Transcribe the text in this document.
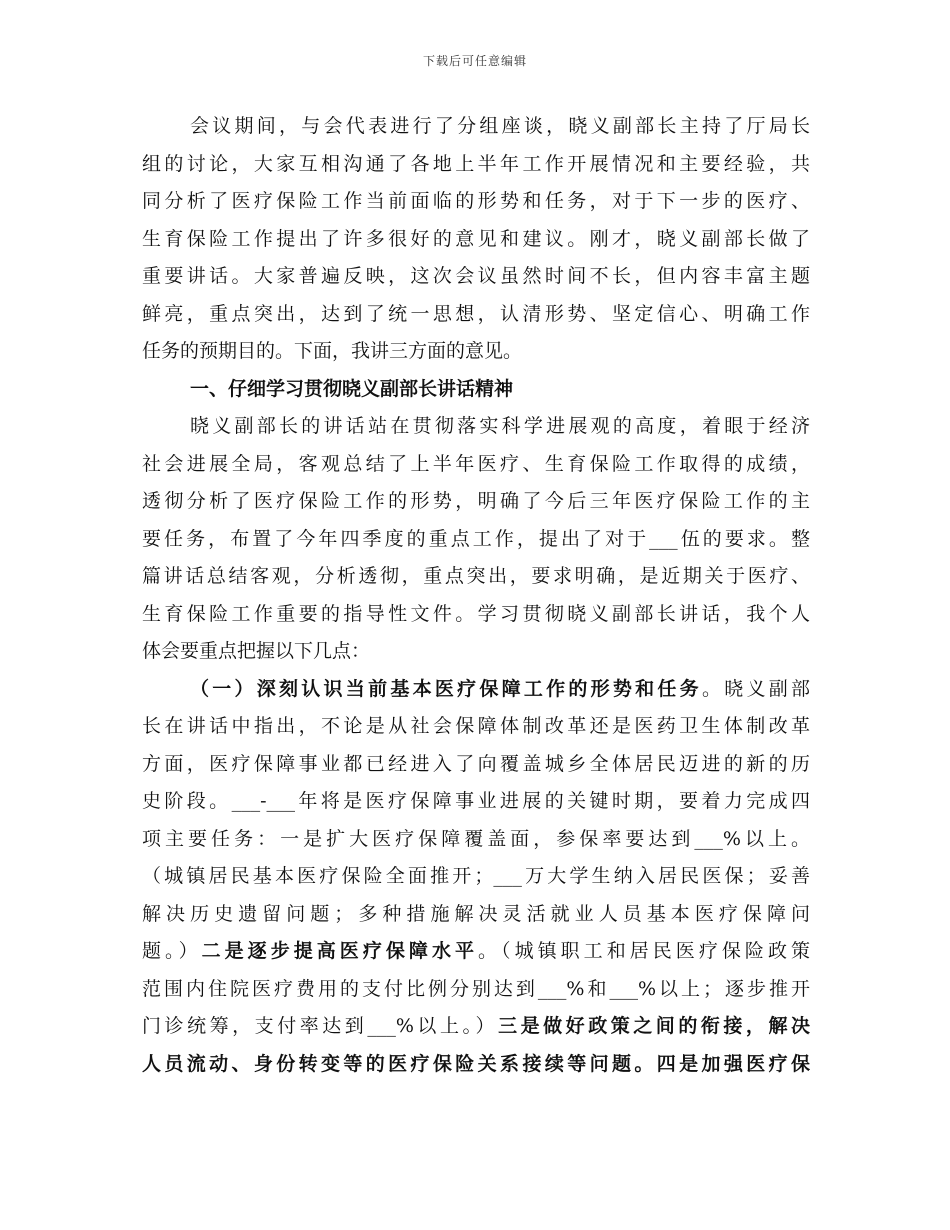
下载后可任意编辑
会议期间，与会代表进行了分组座谈，晓义副部长主持了厅局长
组的讨论，大家互相沟通了各地上半年工作开展情况和主要经验，共
同分析了医疗保险工作当前面临的形势和任务，对于下一步的医疗、
生育保险工作提出了许多很好的意见和建议。刚才，晓义副部长做了
重要讲话。大家普遍反映，这次会议虽然时间不长，但内容丰富主题
鲜亮，重点突出，达到了统一思想，认清形势、坚定信心、明确工作
任务的预期目的。下面，我讲三方面的意见。
一、仔细学习贯彻晓义副部长讲话精神
晓义副部长的讲话站在贯彻落实科学进展观的高度，着眼于经济
社会进展全局，客观总结了上半年医疗、生育保险工作取得的成绩，
透彻分析了医疗保险工作的形势，明确了今后三年医疗保险工作的主
要任务，布置了今年四季度的重点工作，提出了对于___伍的要求。整
篇讲话总结客观，分析透彻，重点突出，要求明确，是近期关于医疗、
生育保险工作重要的指导性文件。学习贯彻晓义副部长讲话，我个人
体会要重点把握以下几点：
（一）深刻认识当前基本医疗保障工作的形势和任务。晓义副部
长在讲话中指出，不论是从社会保障体制改革还是医药卫生体制改革
方面，医疗保障事业都已经进入了向覆盖城乡全体居民迈进的新的历
史阶段。___-___年将是医疗保障事业进展的关键时期，要着力完成四
项主要任务：一是扩大医疗保障覆盖面，参保率要达到___%以上。
（城镇居民基本医疗保险全面推开；___万大学生纳入居民医保；妥善
解决历史遗留问题；多种措施解决灵活就业人员基本医疗保障问
题。）二是逐步提高医疗保障水平。（城镇职工和居民医疗保险政策
范围内住院医疗费用的支付比例分别达到___%和___%以上；逐步推开
门诊统筹，支付率达到___%以上。）三是做好政策之间的衔接，解决
人员流动、身份转变等的医疗保险关系接续等问题。四是加强医疗保
